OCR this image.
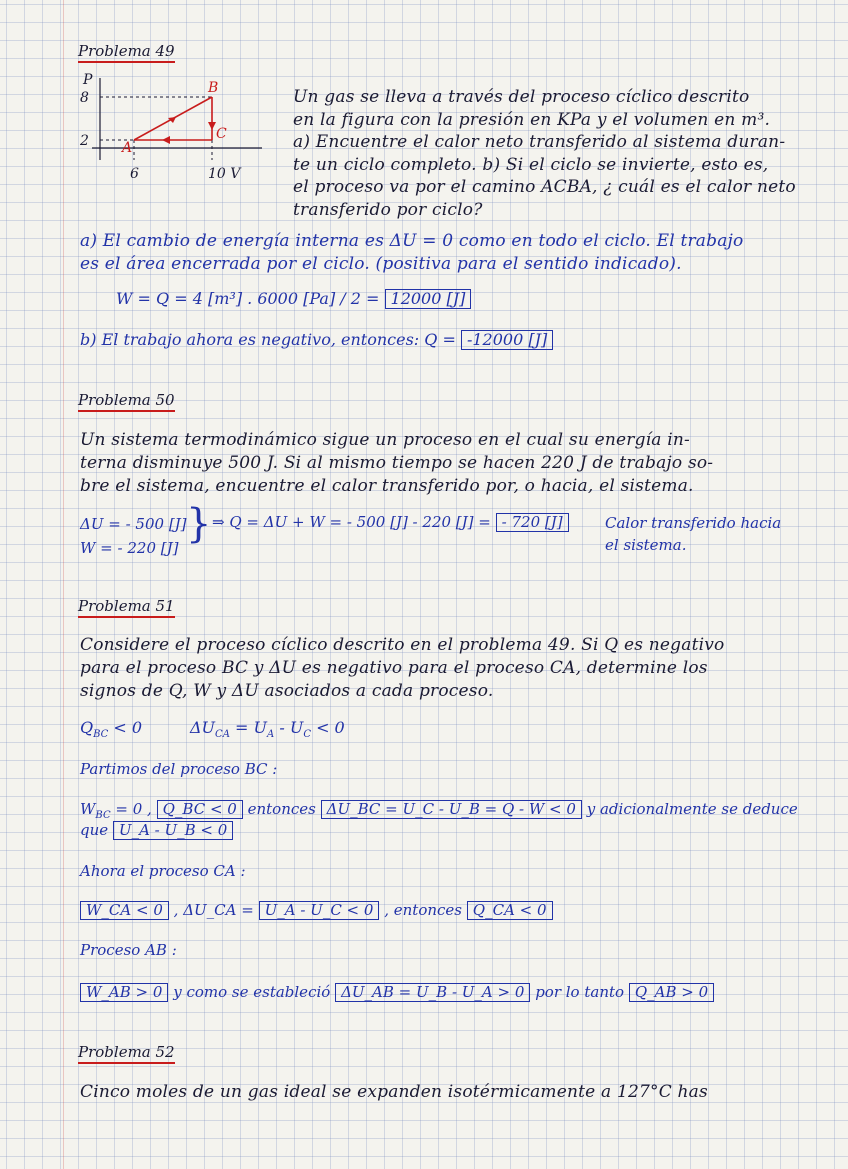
Problema 49
P
8
2
6	10 V
A
B
C
Un gas se lleva a través del proceso cíclico descrito
en la figura con la presión en KPa y el volumen en m³.
a) Encuentre el calor neto transferido al sistema duran-
te un ciclo completo. b) Si el ciclo se invierte, esto es,
el proceso va por el camino ACBA, ¿ cuál es el calor neto
transferido por ciclo?
a) El cambio de energía interna es ΔU = 0 como en todo el ciclo. El trabajo
es el área encerrada por el ciclo. (positiva para el sentido indicado).
W = Q = 4 [m³] . 6000 [Pa] / 2 = 12000 [J]
b) El trabajo ahora es negativo, entonces: Q = -12000 [J]
Problema 50
Un sistema termodinámico sigue un proceso en el cual su energía in-
terna disminuye 500 J. Si al mismo tiempo se hacen 220 J de trabajo so-
bre el sistema, encuentre el calor transferido por, o hacia, el sistema.
ΔU = - 500 [J]
W = - 220 [J]
} ⇒ Q = ΔU + W = - 500 [J] - 220 [J] = - 720 [J]	Calor transferido hacia
el sistema.
Problema 51
Considere el proceso cíclico descrito en el problema 49. Si Q es negativo
para el proceso BC y ΔU es negativo para el proceso CA, determine los
signos de Q, W y ΔU asociados a cada proceso.
$Q_{BC} < 0$	$\Delta U_{CA} = U_A - U_C < 0$
Partimos del proceso BC :
$W_{BC} = 0$ , Q_BC < 0 entonces ΔU_BC = U_C - U_B = Q - W < 0 y adicionalmente se deduce
que U_A - U_B < 0
Ahora el proceso CA :
W_CA < 0 , ΔU_CA = U_A - U_C < 0 , entonces Q_CA < 0
Proceso AB :
W_AB > 0 y como se estableció ΔU_AB = U_B - U_A > 0 por lo tanto Q_AB > 0
Problema 52
Cinco moles de un gas ideal se expanden isotérmicamente a 127°C has
